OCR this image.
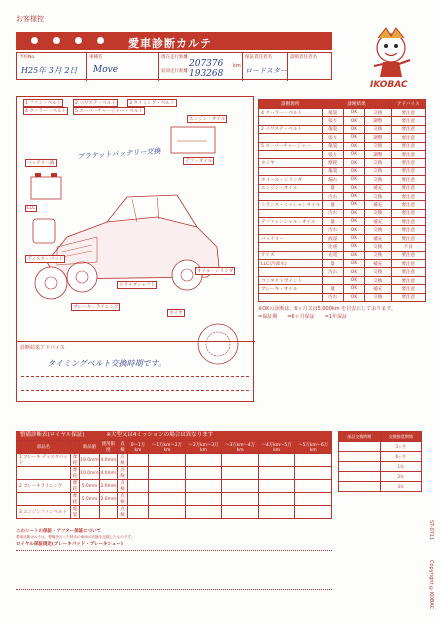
お客様控
愛車診断カルテ
IKOBAC
予約No.
H25年 3月 2日
車種名
Move
現在走行距離
207376 km
前回走行距離 193268
保証責任者名
ロードスター
診断責任者名
1 ファン・ベルト	2 パワステ・ベルト	3 タイミング・ベルト
4 クーラー・ベルト	5 スーパーチャージャー・ベルト
バッテリー液
LLC
ディスク・パッド
エンジン・オイル
デフ・オイル
オイル・シリンダ
ドライブシャフト
タイヤ
ブレーキ・ライニング
ブラケットバッテリー交換
診断結果アドバイス
タイミングベルト交換時期です。
診断箇所	診断結果			アドバイス
4 クーラー・ベルト	亀裂	OK	交換	要注意
	張り	OK	調整	要注意
2 パワステ・ベルト	亀裂	OK	交換	要注意
	張り	OK	調整	要注意
5 スーパーチャージャー	亀裂	OK	交換	要注意
	張り	OK	調整	要注意
タイヤ	摩耗	OK	交換	要注意
	亀裂	OK	交換	要注意
ホイール・シリンダ	漏れ	OK	交換	要注意
エンジン・オイル	量	OK	補充	要注意
	汚れ	OK	交換	要注意
トランス・ミッションオイル	量	OK	補充	要注意
	汚れ	OK	交換	要注意
デファレンシャル・オイル	量	OK	補充	要注意
	汚れ	OK	交換	要注意
バッテリー	液量	OK	補充	要注意
	比重	OK	交換	不良
サイズ	充電	OK	交換	要注意
LLC(冷却水)	量	OK	補充	要注意
	汚れ	OK	交換	要注意
コンタクトポイント		OK	交換	要注意
ブレーキ・オイル	量	OK	補充	要注意
	汚れ	OK	交換	要注意
※OKの診断は、6ヶ月又は5,000km を目安にしております。
=保証期 =6ヶ月保証 =1年保証
整備診断表(ロイヤル保証)	※大型又は4ミッションの場合は異なります
部品名		新品値	使用限度	点検	0〜1万km	〜1万km〜2万km	〜2万km〜3万km	〜3万km〜4万km	〜4万km〜5万km	〜5万km〜6万km
1 ブレーキ ディスクパッド	摩耗	10.0mm	4.0mm	点検						
	摩耗	10.0mm	4.0mm	点検						
2 ブレーキライニング	摩耗	5.0mm	2.0mm	点検						
	摩耗	5.0mm	2.0mm	点検						
3 エンジンファンベルト	亀裂			点検						
部品交換時期	交換推奨期間
	3ヶ月
	6ヶ月
	1年
	2年
	3年
このシートの保証・アフター保証について
愛車診断カルテは、整備を行った時点の車両の状態を記録したものです。
ロイヤル保証規定(ブレーキパッド・ブレーキシュー)
ST-0711
Copyright ©KOBAC
